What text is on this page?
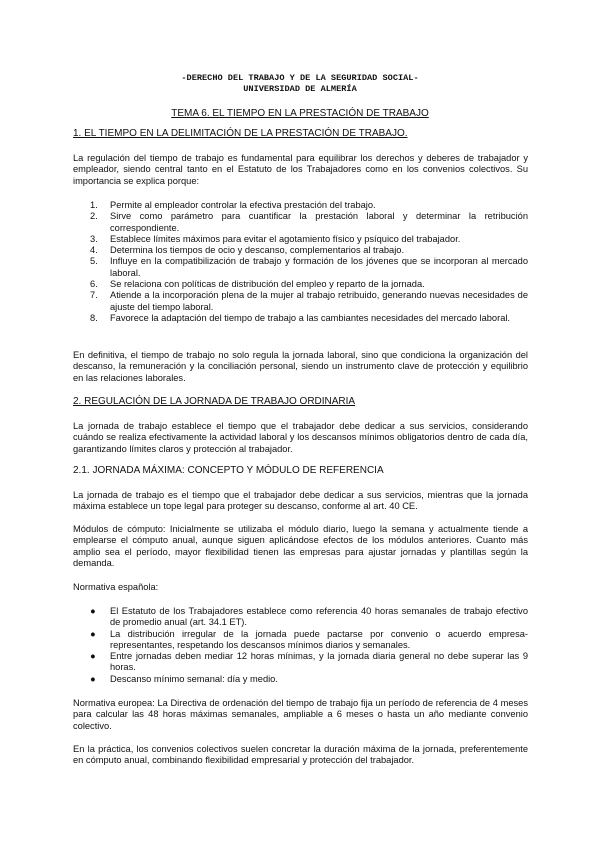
-DERECHO DEL TRABAJO Y DE LA SEGURIDAD SOCIAL-
UNIVERSIDAD DE ALMERÍA
TEMA 6. EL TIEMPO EN LA PRESTACIÓN DE TRABAJO
1. EL TIEMPO EN LA DELIMITACIÓN DE LA PRESTACIÓN DE TRABAJO.
La regulación del tiempo de trabajo es fundamental para equilibrar los derechos y deberes de trabajador y empleador, siendo central tanto en el Estatuto de los Trabajadores como en los convenios colectivos. Su importancia se explica porque:
1. Permite al empleador controlar la efectiva prestación del trabajo.
2. Sirve como parámetro para cuantificar la prestación laboral y determinar la retribución correspondiente.
3. Establece límites máximos para evitar el agotamiento físico y psíquico del trabajador.
4. Determina los tiempos de ocio y descanso, complementarios al trabajo.
5. Influye en la compatibilización de trabajo y formación de los jóvenes que se incorporan al mercado laboral.
6. Se relaciona con políticas de distribución del empleo y reparto de la jornada.
7. Atiende a la incorporación plena de la mujer al trabajo retribuido, generando nuevas necesidades de ajuste del tiempo laboral.
8. Favorece la adaptación del tiempo de trabajo a las cambiantes necesidades del mercado laboral.
En definitiva, el tiempo de trabajo no solo regula la jornada laboral, sino que condiciona la organización del descanso, la remuneración y la conciliación personal, siendo un instrumento clave de protección y equilibrio en las relaciones laborales.
2. REGULACIÓN DE LA JORNADA DE TRABAJO ORDINARIA
La jornada de trabajo establece el tiempo que el trabajador debe dedicar a sus servicios, considerando cuándo se realiza efectivamente la actividad laboral y los descansos mínimos obligatorios dentro de cada día, garantizando límites claros y protección al trabajador.
2.1. JORNADA MÁXIMA: CONCEPTO Y MÓDULO DE REFERENCIA
La jornada de trabajo es el tiempo que el trabajador debe dedicar a sus servicios, mientras que la jornada máxima establece un tope legal para proteger su descanso, conforme al art. 40 CE.
Módulos de cómputo: Inicialmente se utilizaba el módulo diario, luego la semana y actualmente tiende a emplearse el cómputo anual, aunque siguen aplicándose efectos de los módulos anteriores. Cuanto más amplio sea el período, mayor flexibilidad tienen las empresas para ajustar jornadas y plantillas según la demanda.
Normativa española:
● El Estatuto de los Trabajadores establece como referencia 40 horas semanales de trabajo efectivo de promedio anual (art. 34.1 ET).
● La distribución irregular de la jornada puede pactarse por convenio o acuerdo empresa-representantes, respetando los descansos mínimos diarios y semanales.
● Entre jornadas deben mediar 12 horas mínimas, y la jornada diaria general no debe superar las 9 horas.
● Descanso mínimo semanal: día y medio.
Normativa europea: La Directiva de ordenación del tiempo de trabajo fija un período de referencia de 4 meses para calcular las 48 horas máximas semanales, ampliable a 6 meses o hasta un año mediante convenio colectivo.
En la práctica, los convenios colectivos suelen concretar la duración máxima de la jornada, preferentemente en cómputo anual, combinando flexibilidad empresarial y protección del trabajador.
